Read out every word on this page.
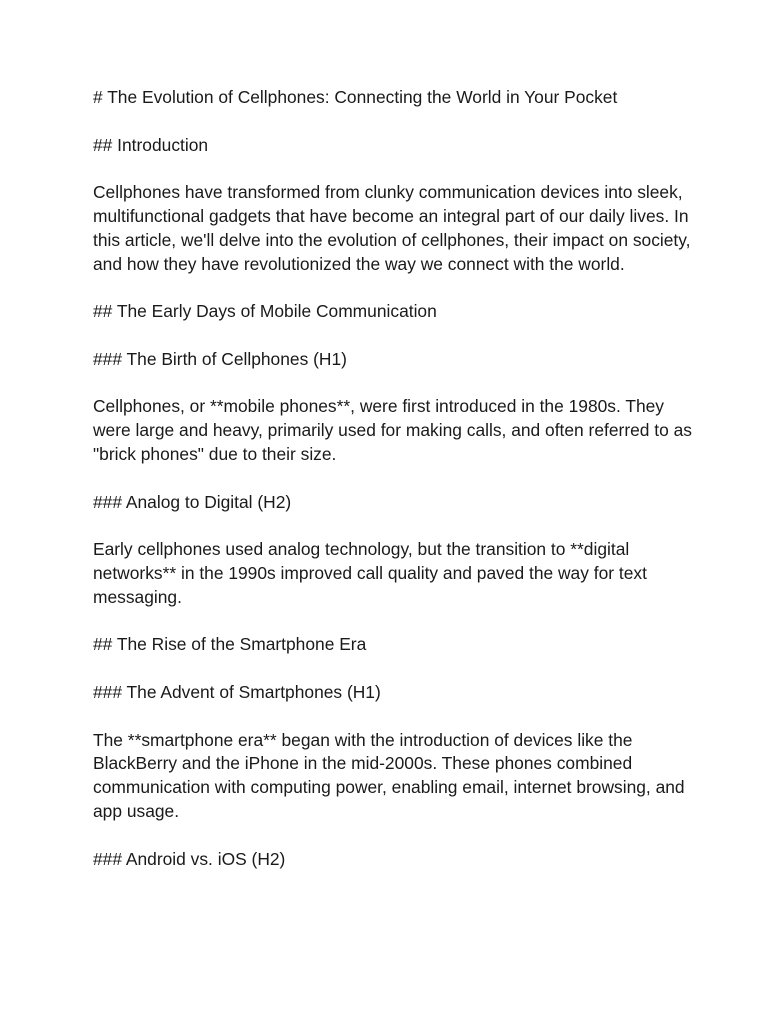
# The Evolution of Cellphones: Connecting the World in Your Pocket

## Introduction

Cellphones have transformed from clunky communication devices into sleek, multifunctional gadgets that have become an integral part of our daily lives. In this article, we'll delve into the evolution of cellphones, their impact on society, and how they have revolutionized the way we connect with the world.

## The Early Days of Mobile Communication

### The Birth of Cellphones (H1)

Cellphones, or **mobile phones**, were first introduced in the 1980s. They were large and heavy, primarily used for making calls, and often referred to as "brick phones" due to their size.

### Analog to Digital (H2)

Early cellphones used analog technology, but the transition to **digital networks** in the 1990s improved call quality and paved the way for text messaging.

## The Rise of the Smartphone Era

### The Advent of Smartphones (H1)

The **smartphone era** began with the introduction of devices like the BlackBerry and the iPhone in the mid-2000s. These phones combined communication with computing power, enabling email, internet browsing, and app usage.

### Android vs. iOS (H2)
